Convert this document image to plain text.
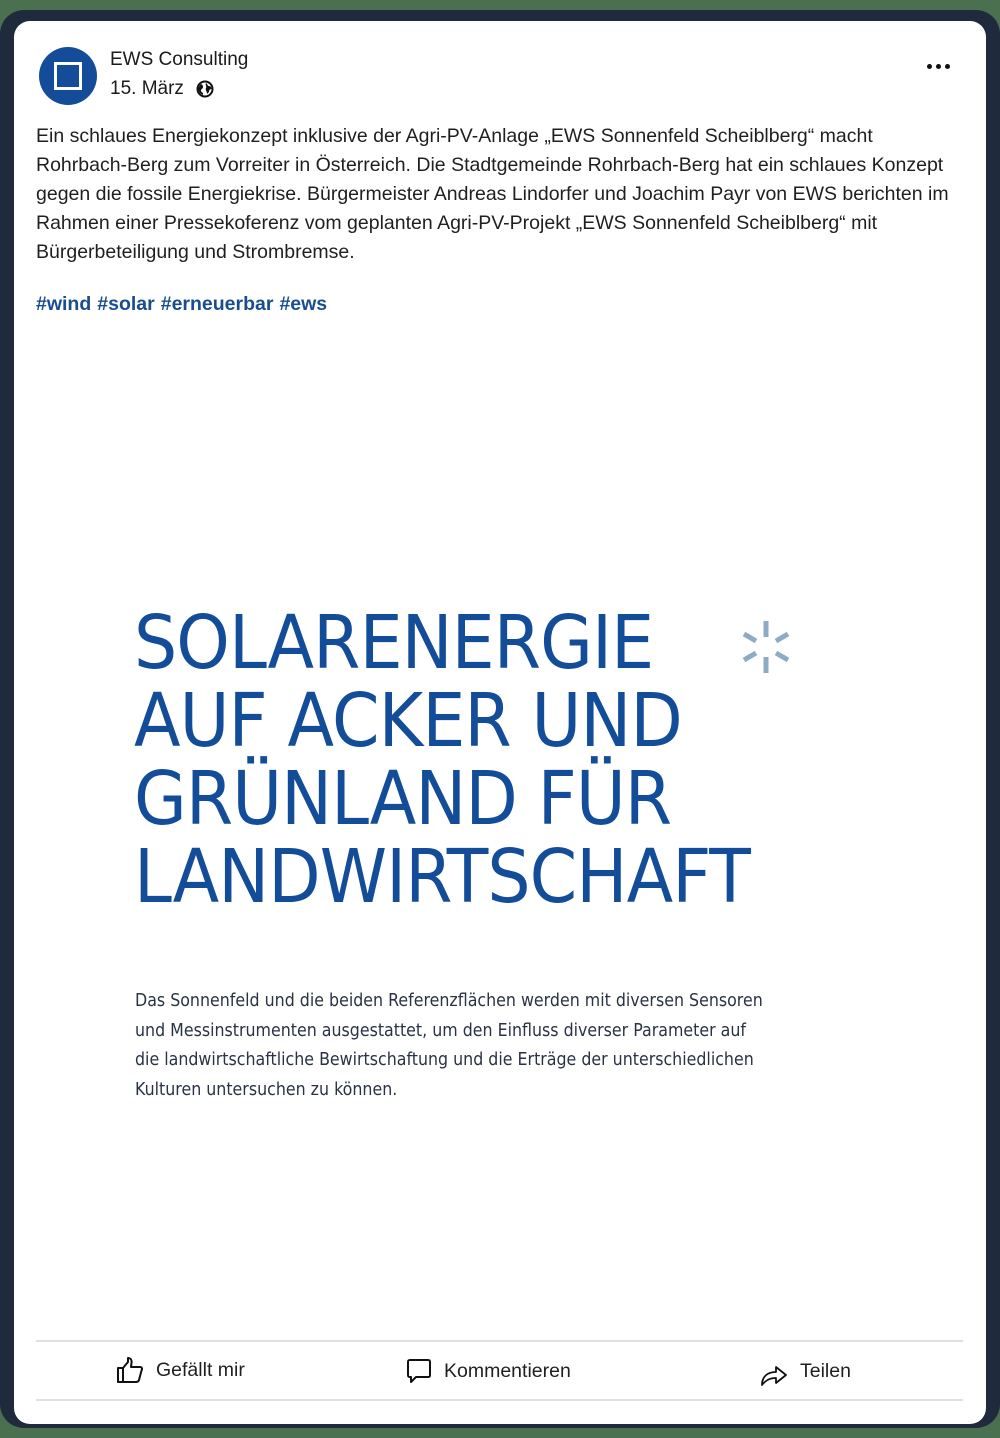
EWS Consulting
15. März
Ein schlaues Energiekonzept inklusive der Agri-PV-Anlage „EWS Sonnenfeld Scheiblberg“ macht Rohrbach-Berg zum Vorreiter in Österreich. Die Stadtgemeinde Rohrbach-Berg hat ein schlaues Konzept gegen die fossile Energiekrise. Bürgermeister Andreas Lindorfer und Joachim Payr von EWS berichten im Rahmen einer Pressekoferenz vom geplanten Agri-PV-Projekt „EWS Sonnenfeld Scheiblberg“ mit Bürgerbeteiligung und Strombremse.
#wind #solar #erneuerbar #ews
SOLARENERGIE
AUF ACKER UND
GRÜNLAND FÜR
LANDWIRTSCHAFT
Das Sonnenfeld und die beiden Referenzflächen werden mit diversen Sensoren
und Messinstrumenten ausgestattet, um den Einfluss diverser Parameter auf
die landwirtschaftliche Bewirtschaftung und die Erträge der unterschiedlichen
Kulturen untersuchen zu können.
Gefällt mir	Kommentieren	Teilen
